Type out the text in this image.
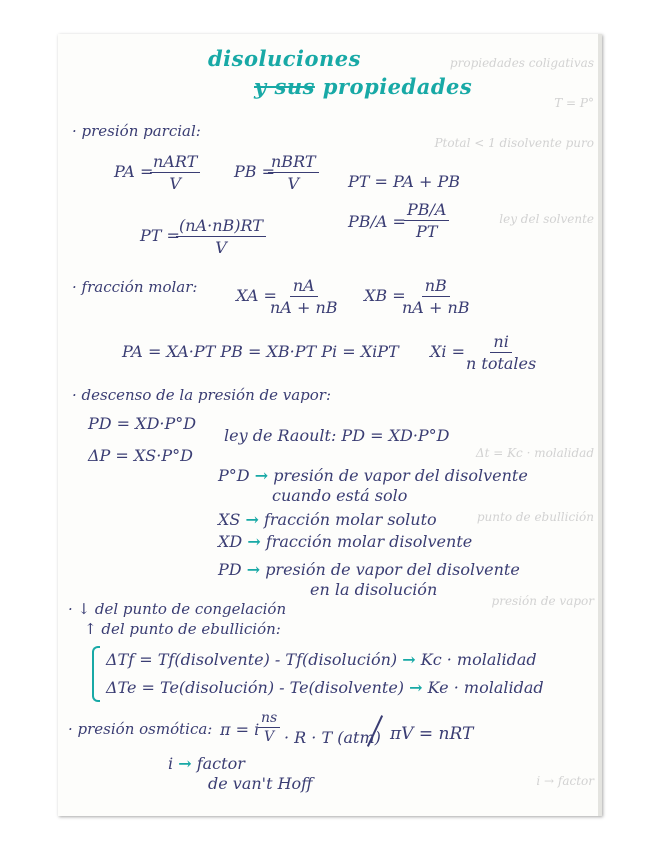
propiedades coligativas
T = P°
Ptotal < 1 disolvente puro
ley del solvente
Δt = Kc · molalidad
punto de ebullición
presión de vapor
i → factor
disoluciones
y sus propiedades
· presión parcial:
PA =
nART
V
PB =
nBRT
V	PT = PA + PB
PB/A =
$\frac{PB/A}{PT}$
PT =
$\frac{(nA\cdot nB)RT}{V}$
· fracción molar: XA =
$\frac{nA}{nA + nB}$ XB =
$\frac{nB}{nA + nB}$
PA = XA·PT PB = XB·PT Pi = XiPT Xi =
ni
n totales
· descenso de la presión de vapor:
PD = XD·P°D
ΔP = XS·P°D
ley de Raoult: PD = XD·P°D
P°D → presión de vapor del disolvente
cuando está solo
XS → fracción molar soluto
XD → fracción molar disolvente
PD → presión de vapor del disolvente
en la disolución
· ↓ del punto de congelación
↑ del punto de ebullición:
ΔTf = Tf(disolvente) - Tf(disolución) → Kc · molalidad
ΔTe = Te(disolución) - Te(disolvente) → Ke · molalidad
· presión osmótica: π = i
$\frac{ns}{V} \cdot R \cdot T$ (atm) πV = nRT
i → factor
de van't Hoff
